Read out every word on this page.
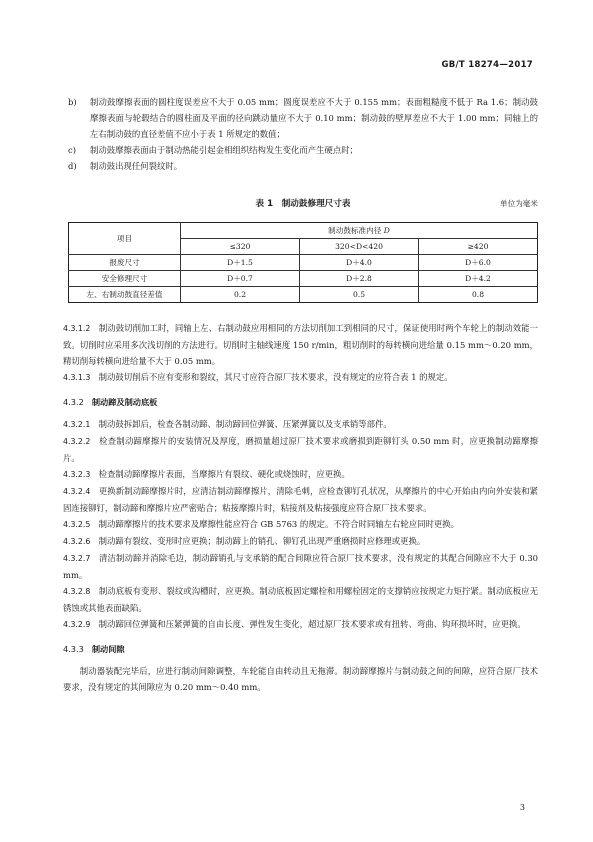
GB/T 18274—2017
b)	制动鼓摩擦表面的圆柱度误差应不大于 0.05 mm；圆度误差应不大于 0.155 mm；表面粗糙度不低于 Ra 1.6；制动鼓摩擦表面与轮毂结合的圆柱面及平面的径向跳动量应不大于 0.10 mm；制动鼓的壁厚差应不大于 1.00 mm；同轴上的左右制动鼓的直径差值不应小于表 1 所规定的数值；
c)	制动鼓摩擦表面由于制动热能引起金相组织结构发生变化而产生硬点时；
d)	制动鼓出现任何裂纹时。
表 1　制动鼓修理尺寸表	单位为毫米
项目	制动鼓标准内径 D		
	≤320	320<D<420	≥420
报废尺寸	D＋1.5	D＋4.0	D＋6.0
安全修理尺寸	D＋0.7	D＋2.8	D＋4.2
左、右制动鼓直径差值	0.2	0.5	0.8
4.3.1.2　 制动鼓切削加工时，同轴上左、右制动鼓应用相同的方法切削加工到相同的尺寸，保证使用时两个车轮上的制动效能一致。切削时应采用多次浅切削的方法进行。切削时主轴线速度 150 r/min，粗切削时的每转横向进给量 0.15 mm～0.20 mm，精切削每转横向进给量不大于 0.05 mm。
4.3.1.3　 制动鼓切削后不应有变形和裂纹，其尺寸应符合原厂技术要求，没有规定的应符合表 1 的规定。
4.3.2 制动蹄及制动底板
4.3.2.1　 制动鼓拆卸后，检查各制动蹄、制动蹄回位弹簧、压紧弹簧以及支承销等部件。
4.3.2.2　 检查制动蹄摩擦片的安装情况及厚度，磨损量超过原厂技术要求或磨损到距铆钉头 0.50 mm 时，应更换制动蹄摩擦片。
4.3.2.3　 检查制动蹄摩擦片表面，当摩擦片有裂纹、硬化或烧蚀时，应更换。
4.3.2.4　 更换新制动蹄摩擦片时，应清洁制动蹄摩擦片，清除毛刺，应检查铆钉孔状况，从摩擦片的中心开始由内向外安装和紧固连接铆钉，制动蹄和摩擦片应严密贴合；粘接摩擦片时，粘接剂及粘接强度应符合原厂技术要求。
4.3.2.5　 制动蹄摩擦片的技术要求及摩擦性能应符合 GB 5763 的规定。不符合时同轴左右轮应同时更换。
4.3.2.6　 制动蹄有裂纹、变形时应更换；制动蹄上的销孔、铆钉孔出现严重磨损时应修理或更换。
4.3.2.7　 清洁制动蹄并消除毛边，制动蹄销孔与支承销的配合间隙应符合原厂技术要求，没有规定的其配合间隙应不大于 0.30 mm。
4.3.2.8　 制动底板有变形、裂纹或沟槽时，应更换。制动底板固定螺栓和用螺栓固定的支撑销应按规定力矩拧紧。制动底板应无锈蚀或其他表面缺陷。
4.3.2.9　 制动蹄回位弹簧和压紧弹簧的自由长度、弹性发生变化，超过原厂技术要求或有扭转、弯曲、钩环损坏时，应更换。
4.3.3 制动间隙
制动器装配完毕后，应进行制动间隙调整，车轮能自由转动且无拖滞。制动蹄摩擦片与制动鼓之间的间隙，应符合原厂技术要求，没有规定的其间隙应为 0.20 mm～0.40 mm。
3
